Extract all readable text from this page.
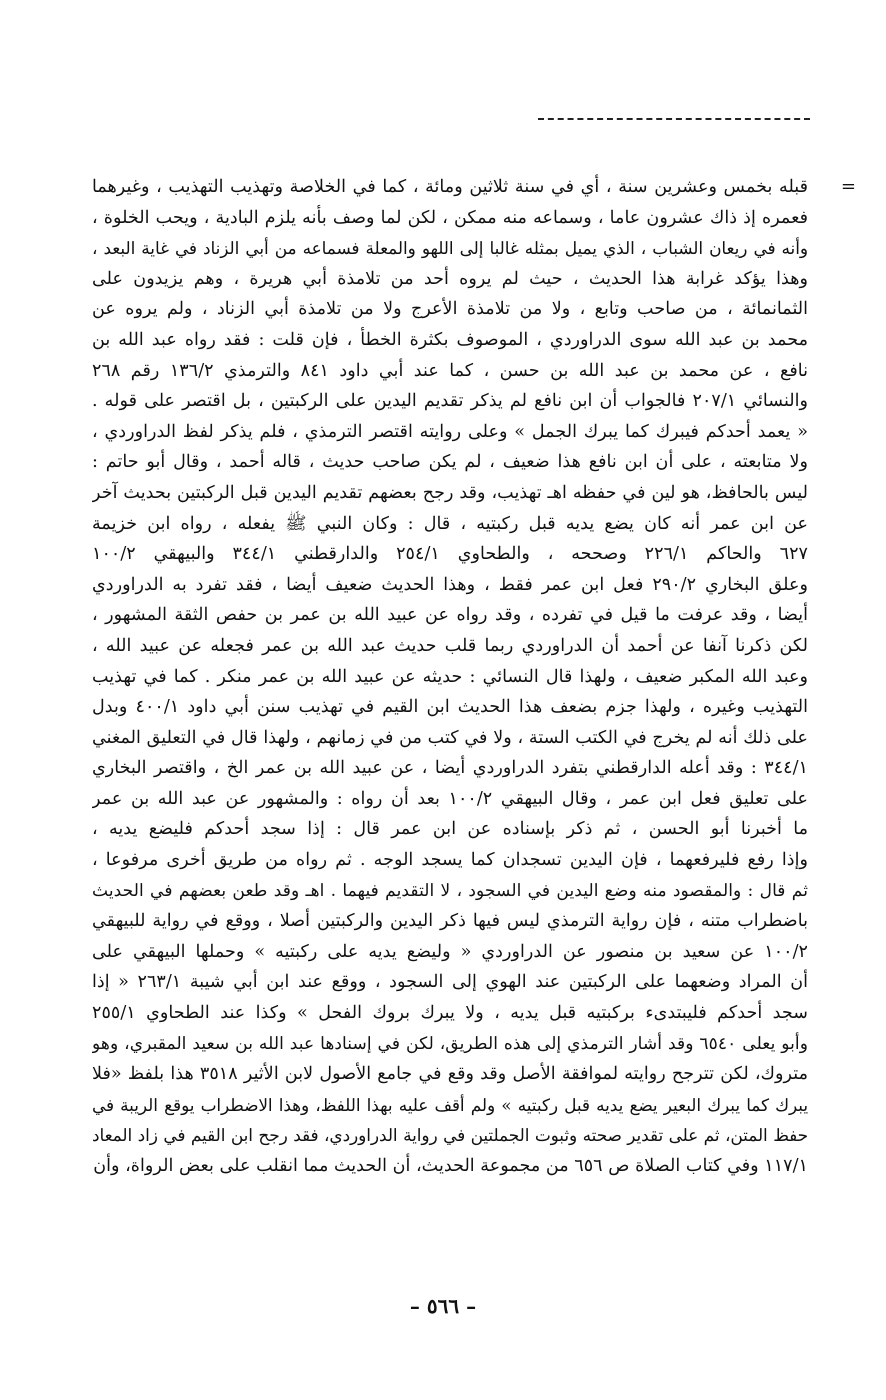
=
قبله بخمس وعشرين سنة ، أي في سنة ثلاثين ومائة ، كما في الخلاصة وتهذيب التهذيب ، وغيرهما
فعمره إذ ذاك عشرون عاما ، وسماعه منه ممكن ، لكن لما وصف بأنه يلزم البادية ، ويحب الخلوة ،
وأنه في ريعان الشباب ، الذي يميل بمثله غالبا إلى اللهو والمعلة فسماعه من أبي الزناد في غاية البعد ،
وهذا يؤكد غرابة هذا الحديث ، حيث لم يروه أحد من تلامذة أبي هريرة ، وهم يزيدون على
الثمانمائة ، من صاحب وتابع ، ولا من تلامذة الأعرج ولا من تلامذة أبي الزناد ، ولم يروه عن
محمد بن عبد الله سوى الدراوردي ، الموصوف بكثرة الخطأ ، فإن قلت : فقد رواه عبد الله بن
نافع ، عن محمد بن عبد الله بن حسن ، كما عند أبي داود ٨٤١ والترمذي ١٣٦/٢ رقم ٢٦٨
والنسائي ٢٠٧/١ فالجواب أن ابن نافع لم يذكر تقديم اليدين على الركبتين ، بل اقتصر على قوله .
« يعمد أحدكم فيبرك كما يبرك الجمل » وعلى روايته اقتصر الترمذي ، فلم يذكر لفظ الدراوردي ،
ولا متابعته ، على أن ابن نافع هذا ضعيف ، لم يكن صاحب حديث ، قاله أحمد ، وقال أبو حاتم :
ليس بالحافظ، هو لين في حفظه اهـ تهذيب، وقد رجح بعضهم تقديم اليدين قبل الركبتين بحديث آخر
عن ابن عمر أنه كان يضع يديه قبل ركبتيه ، قال : وكان النبي ﷺ يفعله ، رواه ابن خزيمة
٦٢٧ والحاكم ٢٢٦/١ وصححه ، والطحاوي ٢٥٤/١ والدارقطني ٣٤٤/١ والبيهقي ١٠٠/٢
وعلق البخاري ٢٩٠/٢ فعل ابن عمر فقط ، وهذا الحديث ضعيف أيضا ، فقد تفرد به الدراوردي
أيضا ، وقد عرفت ما قيل في تفرده ، وقد رواه عن عبيد الله بن عمر بن حفص الثقة المشهور ،
لكن ذكرنا آنفا عن أحمد أن الدراوردي ربما قلب حديث عبد الله بن عمر فجعله عن عبيد الله ،
وعبد الله المكبر ضعيف ، ولهذا قال النسائي : حديثه عن عبيد الله بن عمر منكر . كما في تهذيب
التهذيب وغيره ، ولهذا جزم بضعف هذا الحديث ابن القيم في تهذيب سنن أبي داود ٤٠٠/١ وبدل
على ذلك أنه لم يخرج في الكتب الستة ، ولا في كتب من في زمانهم ، ولهذا قال في التعليق المغني
٣٤٤/١ : وقد أعله الدارقطني بتفرد الدراوردي أيضا ، عن عبيد الله بن عمر الخ ، واقتصر البخاري
على تعليق فعل ابن عمر ، وقال البيهقي ١٠٠/٢ بعد أن رواه : والمشهور عن عبد الله بن عمر
ما أخبرنا أبو الحسن ، ثم ذكر بإسناده عن ابن عمر قال : إذا سجد أحدكم فليضع يديه ،
وإذا رفع فليرفعهما ، فإن اليدين تسجدان كما يسجد الوجه . ثم رواه من طريق أخرى مرفوعا ،
ثم قال : والمقصود منه وضع اليدين في السجود ، لا التقديم فيهما . اهـ وقد طعن بعضهم في الحديث
باضطراب متنه ، فإن رواية الترمذي ليس فيها ذكر اليدين والركبتين أصلا ، ووقع في رواية للبيهقي
١٠٠/٢ عن سعيد بن منصور عن الدراوردي « وليضع يديه على ركبتيه » وحملها البيهقي على
أن المراد وضعهما على الركبتين عند الهوي إلى السجود ، ووقع عند ابن أبي شيبة ٢٦٣/١ « إذا
سجد أحدكم فليبتدىء بركبتيه قبل يديه ، ولا يبرك بروك الفحل » وكذا عند الطحاوي ٢٥٥/١
وأبو يعلى ٦٥٤٠ وقد أشار الترمذي إلى هذه الطريق، لكن في إسنادها عبد الله بن سعيد المقبري، وهو
متروك، لكن تترجح روايته لموافقة الأصل وقد وقع في جامع الأصول لابن الأثير ٣٥١٨ هذا بلفظ «فلا
يبرك كما يبرك البعير يضع يديه قبل ركبتيه » ولم أقف عليه بهذا اللفظ، وهذا الاضطراب يوقع الريبة في
حفظ المتن، ثم على تقدير صحته وثبوت الجملتين في رواية الدراوردي، فقد رجح ابن القيم في زاد المعاد
١١٧/١ وفي كتاب الصلاة ص ٦٥٦ من مجموعة الحديث، أن الحديث مما انقلب على بعض الرواة، وأن
– ٥٦٦ –
